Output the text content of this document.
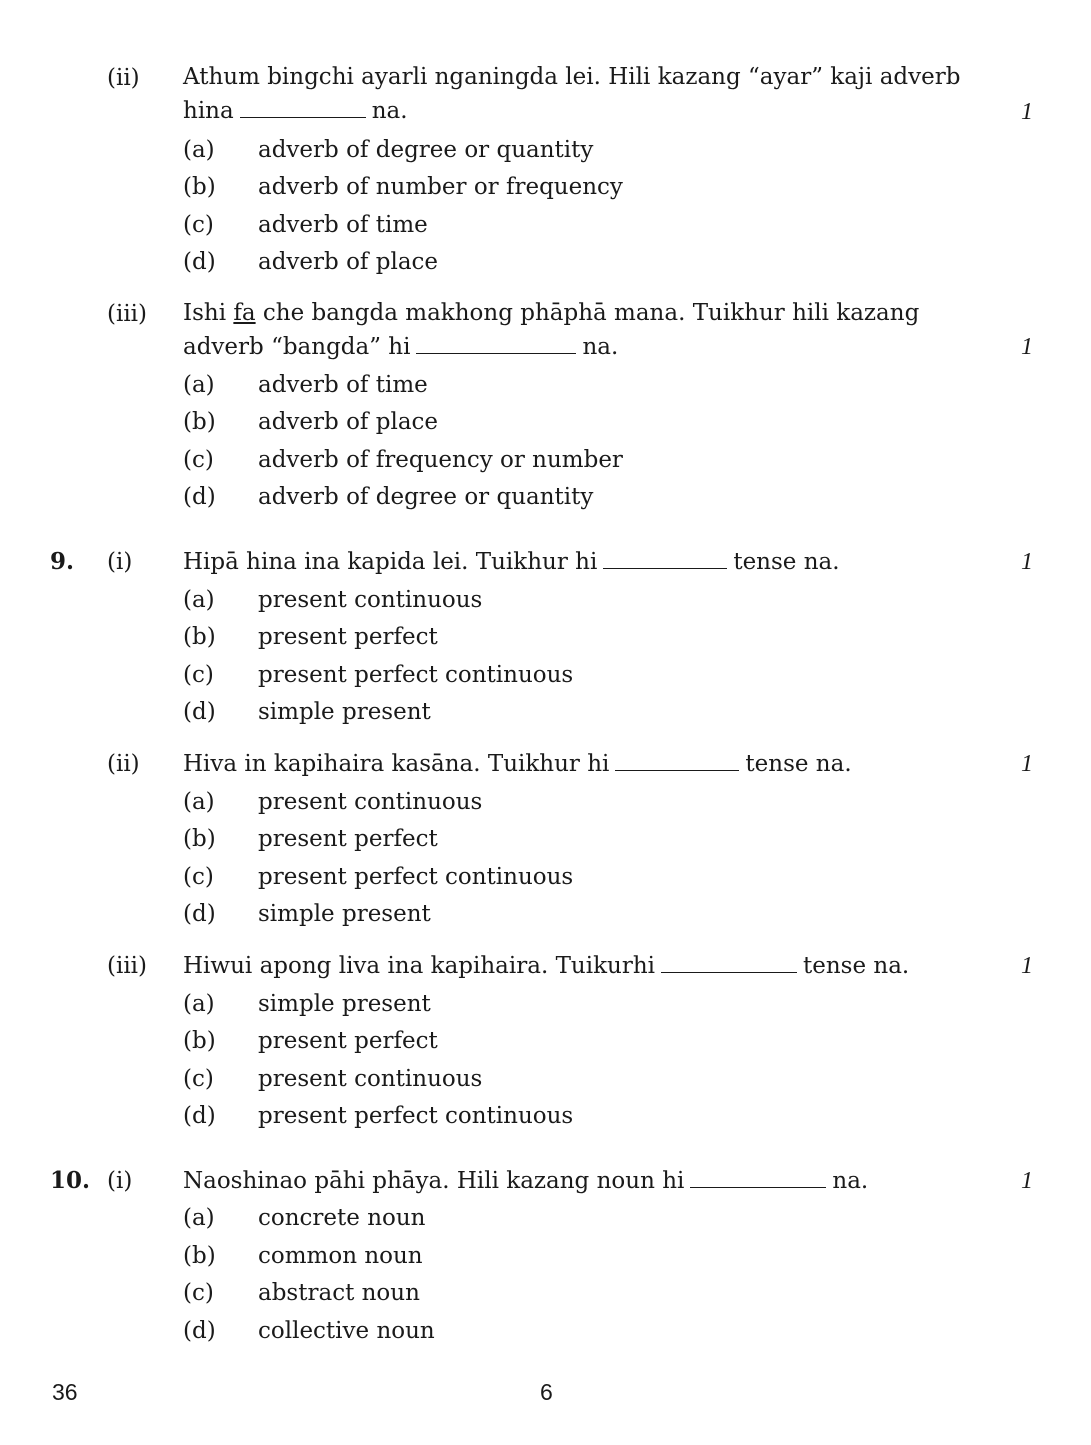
(ii) Athum bingchi ayarli nganingda lei. Hili kazang “ayar” kaji adverb
hina	na.	1
(a) adverb of degree or quantity
(b) adverb of number or frequency
(c) adverb of time
(d) adverb of place
(iii) Ishi fa che bangda makhong phāphā mana. Tuikhur hili kazang
adverb “bangda” hi	na.	1
(a) adverb of time
(b) adverb of place
(c) adverb of frequency or number
(d) adverb of degree or quantity
9. (i) Hipā hina ina kapida lei. Tuikhur hi	tense na.	1
(a) present continuous
(b) present perfect
(c) present perfect continuous
(d) simple present
(ii) Hiva in kapihaira kasāna. Tuikhur hi	tense na.	1
(a) present continuous
(b) present perfect
(c) present perfect continuous
(d) simple present
(iii) Hiwui apong liva ina kapihaira. Tuikurhi	tense na.	1
(a) simple present
(b) present perfect
(c) present continuous
(d) present perfect continuous
10. (i) Naoshinao pāhi phāya. Hili kazang noun hi	na.	1
(a) concrete noun
(b) common noun
(c) abstract noun
(d) collective noun
36	6
